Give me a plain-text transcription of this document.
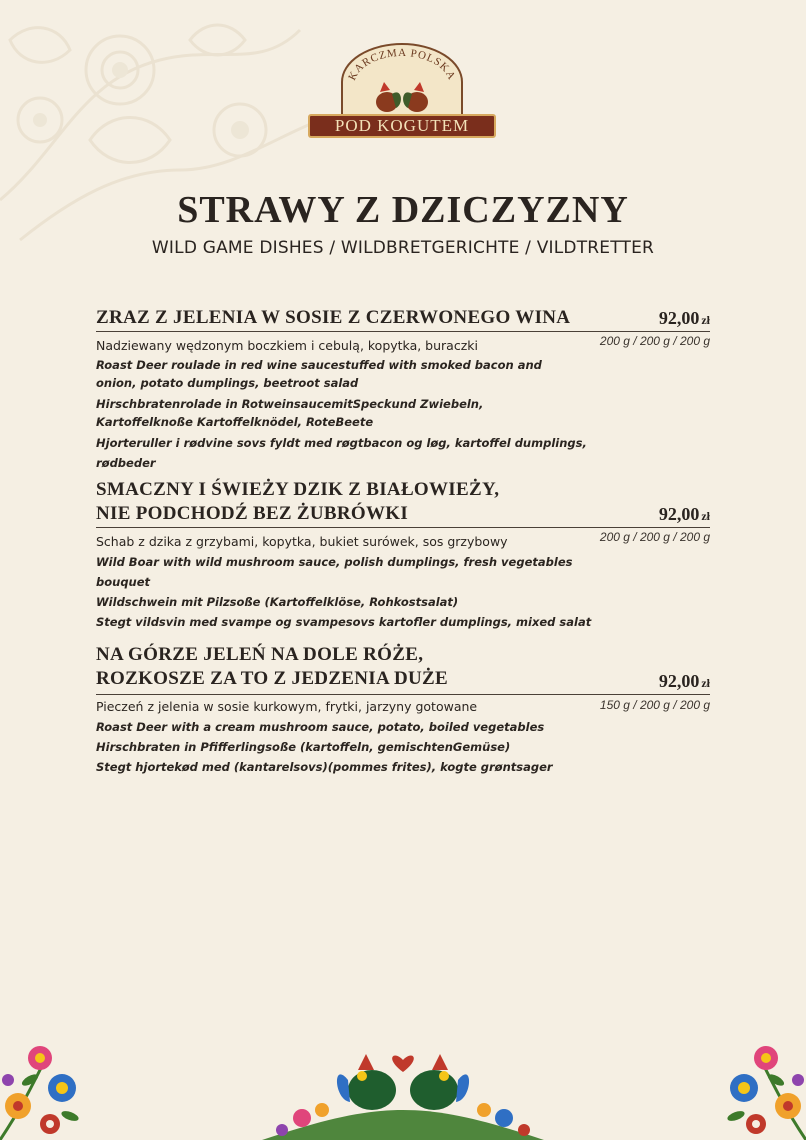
KARCZMA POLSKA
POD KOGUTEM
STRAWY Z DZICZYZNY
WILD GAME DISHES / WILDBRETGERICHTE / VILDTRETTER
ZRAZ Z JELENIA W SOSIE Z CZERWONEGO WINA	92,00 zł
200 g / 200 g / 200 g
Nadziewany wędzonym boczkiem i cebulą, kopytka, buraczki
Roast Deer roulade in red wine saucestuffed with smoked bacon and onion, potato dumplings, beetroot salad
Hirschbratenrolade in RotweinsaucemitSpeckund Zwiebeln, Kartoffelknoße Kartoffelknödel, RoteBeete
Hjorteruller i rødvine sovs fyldt med røgtbacon og løg, kartoffel dumplings, rødbeder
SMACZNY I ŚWIEŻY DZIK Z BIAŁOWIEŻY,
NIE PODCHODŹ BEZ ŻUBRÓWKI	92,00 zł
200 g / 200 g / 200 g
Schab z dzika z grzybami, kopytka, bukiet surówek, sos grzybowy
Wild Boar with wild mushroom sauce, polish dumplings, fresh vegetables bouquet
Wildschwein mit Pilzsoße (Kartoffelklöse, Rohkostsalat)
Stegt vildsvin med svampe og svampesovs kartofler dumplings, mixed salat
NA GÓRZE JELEŃ NA DOLE RÓŻE,
ROZKOSZE ZA TO Z JEDZENIA DUŻE	92,00 zł
150 g / 200 g / 200 g
Pieczeń z jelenia w sosie kurkowym, frytki, jarzyny gotowane
Roast Deer with a cream mushroom sauce, potato, boiled vegetables
Hirschbraten in Pfifferlingsoße (kartoffeln, gemischtenGemüse)
Stegt hjortekød med (kantarelsovs)(pommes frites), kogte grøntsager
